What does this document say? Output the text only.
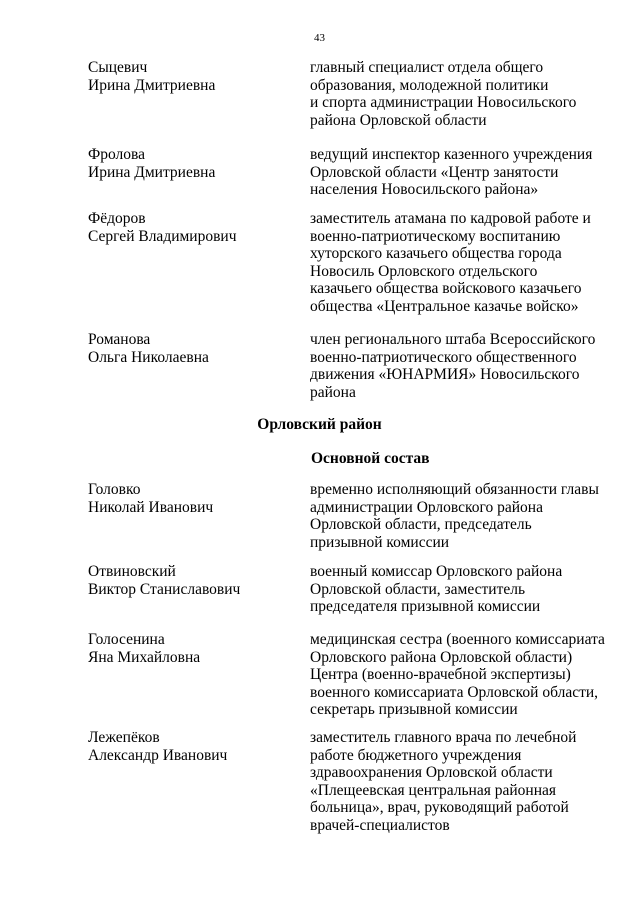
43
Сыцевич
Ирина Дмитриевна
главный специалист отдела общего
образования, молодежной политики
и спорта администрации Новосильского
района Орловской области
Фролова
Ирина Дмитриевна
ведущий инспектор казенного учреждения
Орловской области «Центр занятости
населения Новосильского района»
Фёдоров
Сергей Владимирович
заместитель атамана по кадровой работе и
военно-патриотическому воспитанию
хуторского казачьего общества города
Новосиль Орловского отдельского
казачьего общества войскового казачьего
общества «Центральное казачье войско»
Романова
Ольга Николаевна
член регионального штаба Всероссийского
военно-патриотического общественного
движения «ЮНАРМИЯ» Новосильского
района
Орловский район
Основной состав
Головко
Николай Иванович
временно исполняющий обязанности главы
администрации Орловского района
Орловской области, председатель
призывной комиссии
Отвиновский
Виктор Станиславович
военный комиссар Орловского района
Орловской области, заместитель
председателя призывной комиссии
Голосенина
Яна Михайловна
медицинская сестра (военного комиссариата
Орловского района Орловской области)
Центра (военно-врачебной экспертизы)
военного комиссариата Орловской области,
секретарь призывной комиссии
Лежепёков
Александр Иванович
заместитель главного врача по лечебной
работе бюджетного учреждения
здравоохранения Орловской области
«Плещеевская центральная районная
больница», врач, руководящий работой
врачей-специалистов
